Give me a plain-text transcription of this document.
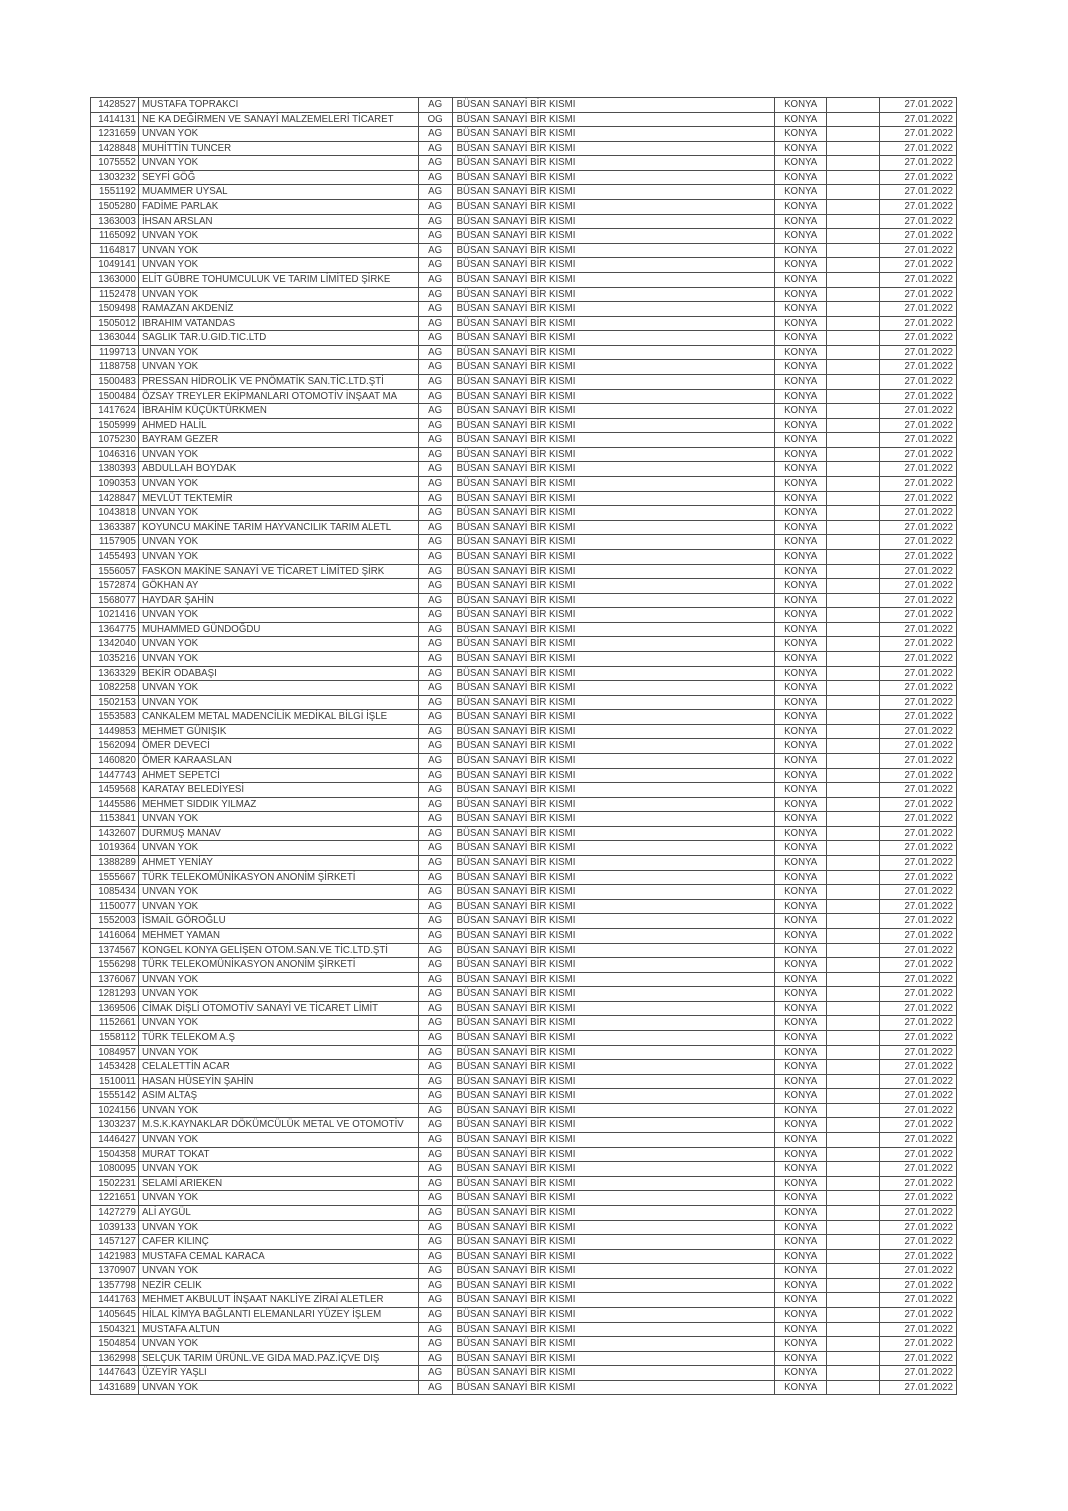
1428527 MUSTAFA TOPRAKCI	AG	BÜSAN SANAYİ BİR KISMI	KONYA	27.01.2022
1414131 NE KA DEĞİRMEN VE SANAYİ MALZEMELERİ TİCARET	OG	BÜSAN SANAYİ BİR KISMI	KONYA	27.01.2022
1231659 UNVAN YOK	AG	BÜSAN SANAYİ BİR KISMI	KONYA	27.01.2022
1428848 MUHİTTİN TUNCER	AG	BÜSAN SANAYİ BİR KISMI	KONYA	27.01.2022
1075552 UNVAN YOK	AG	BÜSAN SANAYİ BİR KISMI	KONYA	27.01.2022
1303232 SEYFİ GÖĞ	AG	BÜSAN SANAYİ BİR KISMI	KONYA	27.01.2022
1551192 MUAMMER UYSAL	AG	BÜSAN SANAYİ BİR KISMI	KONYA	27.01.2022
1505280 FADİME PARLAK	AG	BÜSAN SANAYİ BİR KISMI	KONYA	27.01.2022
1363003 İHSAN ARSLAN	AG	BÜSAN SANAYİ BİR KISMI	KONYA	27.01.2022
1165092 UNVAN YOK	AG	BÜSAN SANAYİ BİR KISMI	KONYA	27.01.2022
1164817 UNVAN YOK	AG	BÜSAN SANAYİ BİR KISMI	KONYA	27.01.2022
1049141 UNVAN YOK	AG	BÜSAN SANAYİ BİR KISMI	KONYA	27.01.2022
1363000 ELİT GÜBRE TOHUMCULUK VE TARIM LİMİTED ŞİRKE	AG	BÜSAN SANAYİ BİR KISMI	KONYA	27.01.2022
1152478 UNVAN YOK	AG	BÜSAN SANAYİ BİR KISMI	KONYA	27.01.2022
1509498 RAMAZAN AKDENİZ	AG	BÜSAN SANAYİ BİR KISMI	KONYA	27.01.2022
1505012 IBRAHIM VATANDAS	AG	BÜSAN SANAYİ BİR KISMI	KONYA	27.01.2022
1363044 SAGLIK TAR.U.GID.TIC.LTD	AG	BÜSAN SANAYİ BİR KISMI	KONYA	27.01.2022
1199713 UNVAN YOK	AG	BÜSAN SANAYİ BİR KISMI	KONYA	27.01.2022
1188758 UNVAN YOK	AG	BÜSAN SANAYİ BİR KISMI	KONYA	27.01.2022
1500483 PRESSAN HİDROLİK VE PNÖMATİK SAN.TİC.LTD.ŞTİ	AG	BÜSAN SANAYİ BİR KISMI	KONYA	27.01.2022
1500484 ÖZSAY TREYLER EKİPMANLARI OTOMOTİV İNŞAAT MA	AG	BÜSAN SANAYİ BİR KISMI	KONYA	27.01.2022
1417624 İBRAHİM KÜÇÜKTÜRKMEN	AG	BÜSAN SANAYİ BİR KISMI	KONYA	27.01.2022
1505999 AHMED HALİL	AG	BÜSAN SANAYİ BİR KISMI	KONYA	27.01.2022
1075230 BAYRAM GEZER	AG	BÜSAN SANAYİ BİR KISMI	KONYA	27.01.2022
1046316 UNVAN YOK	AG	BÜSAN SANAYİ BİR KISMI	KONYA	27.01.2022
1380393 ABDULLAH BOYDAK	AG	BÜSAN SANAYİ BİR KISMI	KONYA	27.01.2022
1090353 UNVAN YOK	AG	BÜSAN SANAYİ BİR KISMI	KONYA	27.01.2022
1428847 MEVLÜT TEKTEMİR	AG	BÜSAN SANAYİ BİR KISMI	KONYA	27.01.2022
1043818 UNVAN YOK	AG	BÜSAN SANAYİ BİR KISMI	KONYA	27.01.2022
1363387 KOYUNCU MAKİNE TARIM HAYVANCILIK TARIM ALETL	AG	BÜSAN SANAYİ BİR KISMI	KONYA	27.01.2022
1157905 UNVAN YOK	AG	BÜSAN SANAYİ BİR KISMI	KONYA	27.01.2022
1455493 UNVAN YOK	AG	BÜSAN SANAYİ BİR KISMI	KONYA	27.01.2022
1556057 FASKON MAKİNE SANAYİ VE TİCARET LİMİTED ŞİRK	AG	BÜSAN SANAYİ BİR KISMI	KONYA	27.01.2022
1572874 GÖKHAN AY	AG	BÜSAN SANAYİ BİR KISMI	KONYA	27.01.2022
1568077 HAYDAR ŞAHİN	AG	BÜSAN SANAYİ BİR KISMI	KONYA	27.01.2022
1021416 UNVAN YOK	AG	BÜSAN SANAYİ BİR KISMI	KONYA	27.01.2022
1364775 MUHAMMED GÜNDOĞDU	AG	BÜSAN SANAYİ BİR KISMI	KONYA	27.01.2022
1342040 UNVAN YOK	AG	BÜSAN SANAYİ BİR KISMI	KONYA	27.01.2022
1035216 UNVAN YOK	AG	BÜSAN SANAYİ BİR KISMI	KONYA	27.01.2022
1363329 BEKİR ODABAŞI	AG	BÜSAN SANAYİ BİR KISMI	KONYA	27.01.2022
1082258 UNVAN YOK	AG	BÜSAN SANAYİ BİR KISMI	KONYA	27.01.2022
1502153 UNVAN YOK	AG	BÜSAN SANAYİ BİR KISMI	KONYA	27.01.2022
1553583 CANKALEM METAL MADENCİLİK MEDİKAL BİLGİ İŞLE	AG	BÜSAN SANAYİ BİR KISMI	KONYA	27.01.2022
1449853 MEHMET GÜNIŞIK	AG	BÜSAN SANAYİ BİR KISMI	KONYA	27.01.2022
1562094 ÖMER DEVECİ	AG	BÜSAN SANAYİ BİR KISMI	KONYA	27.01.2022
1460820 ÖMER KARAASLAN	AG	BÜSAN SANAYİ BİR KISMI	KONYA	27.01.2022
1447743 AHMET SEPETCİ	AG	BÜSAN SANAYİ BİR KISMI	KONYA	27.01.2022
1459568 KARATAY BELEDİYESİ	AG	BÜSAN SANAYİ BİR KISMI	KONYA	27.01.2022
1445586 MEHMET SIDDIK YILMAZ	AG	BÜSAN SANAYİ BİR KISMI	KONYA	27.01.2022
1153841 UNVAN YOK	AG	BÜSAN SANAYİ BİR KISMI	KONYA	27.01.2022
1432607 DURMUŞ MANAV	AG	BÜSAN SANAYİ BİR KISMI	KONYA	27.01.2022
1019364 UNVAN YOK	AG	BÜSAN SANAYİ BİR KISMI	KONYA	27.01.2022
1388289 AHMET YENİAY	AG	BÜSAN SANAYİ BİR KISMI	KONYA	27.01.2022
1555667 TÜRK TELEKOMÜNİKASYON ANONİM ŞİRKETİ	AG	BÜSAN SANAYİ BİR KISMI	KONYA	27.01.2022
1085434 UNVAN YOK	AG	BÜSAN SANAYİ BİR KISMI	KONYA	27.01.2022
1150077 UNVAN YOK	AG	BÜSAN SANAYİ BİR KISMI	KONYA	27.01.2022
1552003 İSMAİL GÖROĞLU	AG	BÜSAN SANAYİ BİR KISMI	KONYA	27.01.2022
1416064 MEHMET YAMAN	AG	BÜSAN SANAYİ BİR KISMI	KONYA	27.01.2022
1374567 KONGEL KONYA GELİŞEN OTOM.SAN.VE TİC.LTD.ŞTİ	AG	BÜSAN SANAYİ BİR KISMI	KONYA	27.01.2022
1556298 TÜRK TELEKOMÜNİKASYON ANONİM ŞİRKETİ	AG	BÜSAN SANAYİ BİR KISMI	KONYA	27.01.2022
1376067 UNVAN YOK	AG	BÜSAN SANAYİ BİR KISMI	KONYA	27.01.2022
1281293 UNVAN YOK	AG	BÜSAN SANAYİ BİR KISMI	KONYA	27.01.2022
1369506 CİMAK DİŞLİ OTOMOTİV SANAYİ VE TİCARET LİMİT	AG	BÜSAN SANAYİ BİR KISMI	KONYA	27.01.2022
1152661 UNVAN YOK	AG	BÜSAN SANAYİ BİR KISMI	KONYA	27.01.2022
1558112 TÜRK TELEKOM A.Ş	AG	BÜSAN SANAYİ BİR KISMI	KONYA	27.01.2022
1084957 UNVAN YOK	AG	BÜSAN SANAYİ BİR KISMI	KONYA	27.01.2022
1453428 CELALETTİN ACAR	AG	BÜSAN SANAYİ BİR KISMI	KONYA	27.01.2022
1510011 HASAN HÜSEYİN ŞAHİN	AG	BÜSAN SANAYİ BİR KISMI	KONYA	27.01.2022
1555142 ASIM ALTAŞ	AG	BÜSAN SANAYİ BİR KISMI	KONYA	27.01.2022
1024156 UNVAN YOK	AG	BÜSAN SANAYİ BİR KISMI	KONYA	27.01.2022
1303237 M.S.K.KAYNAKLAR DÖKÜMCÜLÜK METAL VE OTOMOTİV	AG	BÜSAN SANAYİ BİR KISMI	KONYA	27.01.2022
1446427 UNVAN YOK	AG	BÜSAN SANAYİ BİR KISMI	KONYA	27.01.2022
1504358 MURAT TOKAT	AG	BÜSAN SANAYİ BİR KISMI	KONYA	27.01.2022
1080095 UNVAN YOK	AG	BÜSAN SANAYİ BİR KISMI	KONYA	27.01.2022
1502231 SELAMİ ARIEKEN	AG	BÜSAN SANAYİ BİR KISMI	KONYA	27.01.2022
1221651 UNVAN YOK	AG	BÜSAN SANAYİ BİR KISMI	KONYA	27.01.2022
1427279 ALİ AYGÜL	AG	BÜSAN SANAYİ BİR KISMI	KONYA	27.01.2022
1039133 UNVAN YOK	AG	BÜSAN SANAYİ BİR KISMI	KONYA	27.01.2022
1457127 CAFER KILINÇ	AG	BÜSAN SANAYİ BİR KISMI	KONYA	27.01.2022
1421983 MUSTAFA CEMAL KARACA	AG	BÜSAN SANAYİ BİR KISMI	KONYA	27.01.2022
1370907 UNVAN YOK	AG	BÜSAN SANAYİ BİR KISMI	KONYA	27.01.2022
1357798 NEZİR CELIK	AG	BÜSAN SANAYİ BİR KISMI	KONYA	27.01.2022
1441763 MEHMET AKBULUT İNŞAAT NAKLİYE ZİRAİ ALETLER	AG	BÜSAN SANAYİ BİR KISMI	KONYA	27.01.2022
1405645 HİLAL KİMYA BAĞLANTI ELEMANLARI YÜZEY İŞLEM	AG	BÜSAN SANAYİ BİR KISMI	KONYA	27.01.2022
1504321 MUSTAFA ALTUN	AG	BÜSAN SANAYİ BİR KISMI	KONYA	27.01.2022
1504854 UNVAN YOK	AG	BÜSAN SANAYİ BİR KISMI	KONYA	27.01.2022
1362998 SELÇUK TARIM ÜRÜNL.VE GIDA MAD.PAZ.İÇVE DIŞ	AG	BÜSAN SANAYİ BİR KISMI	KONYA	27.01.2022
1447643 ÜZEYİR YAŞLI	AG	BÜSAN SANAYİ BİR KISMI	KONYA	27.01.2022
1431689 UNVAN YOK	AG	BÜSAN SANAYİ BİR KISMI	KONYA	27.01.2022
